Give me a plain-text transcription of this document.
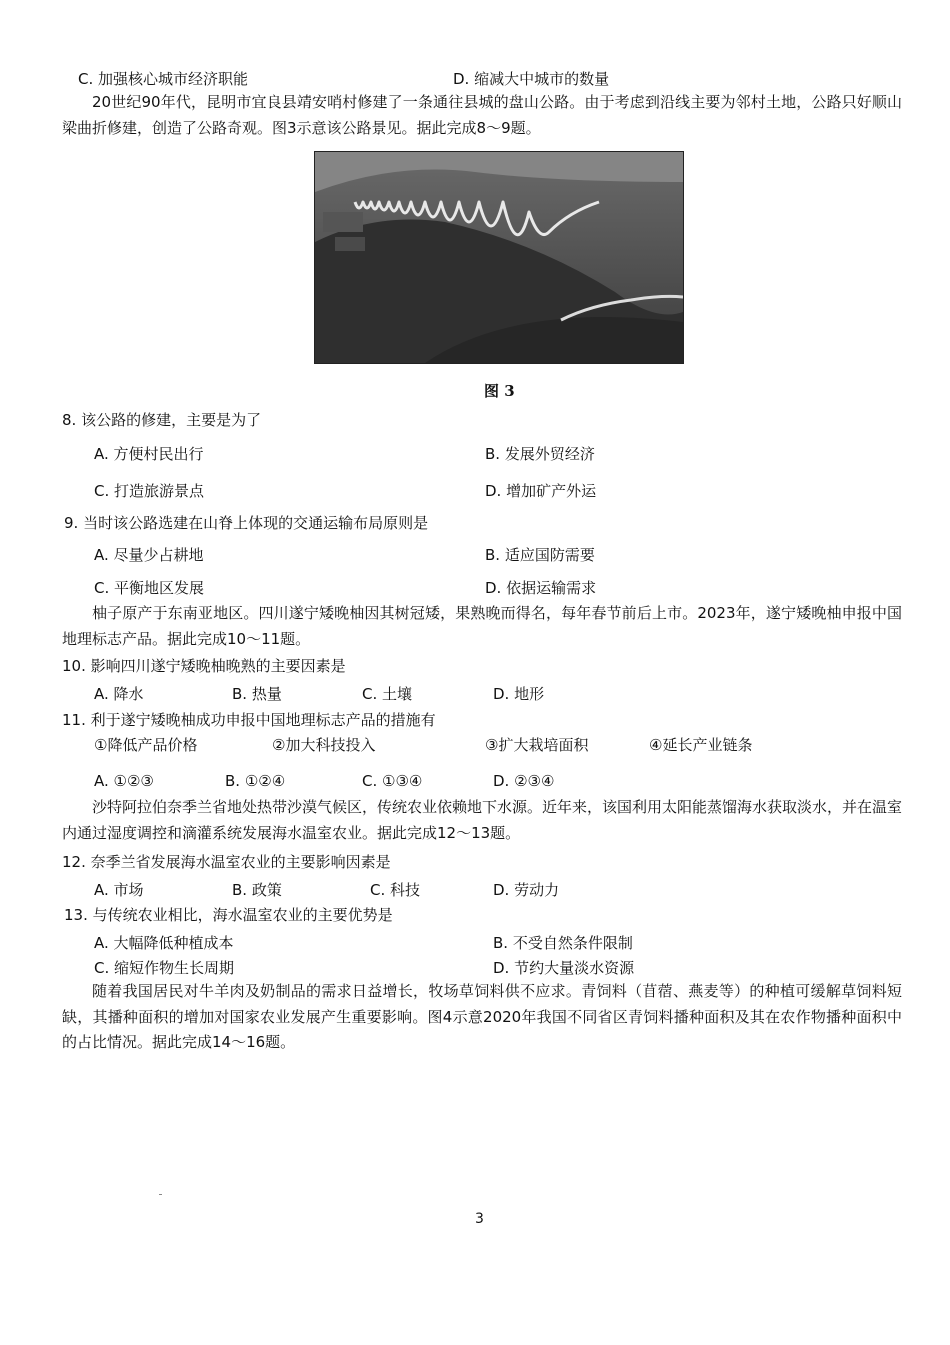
C. 加强核心城市经济职能	D. 缩减大中城市的数量
20世纪90年代，昆明市宜良县靖安哨村修建了一条通往县城的盘山公路。由于考虑到沿线主要为邻村土地，公路只好顺山梁曲折修建，创造了公路奇观。图3示意该公路景见。据此完成8～9题。
图 3
8. 该公路的修建，主要是为了
A. 方便村民出行	B. 发展外贸经济
C. 打造旅游景点	D. 增加矿产外运
9. 当时该公路选建在山脊上体现的交通运输布局原则是
A. 尽量少占耕地	B. 适应国防需要
C. 平衡地区发展	D. 依据运输需求
柚子原产于东南亚地区。四川遂宁矮晚柚因其树冠矮，果熟晚而得名，每年春节前后上市。2023年，遂宁矮晚柚申报中国地理标志产品。据此完成10～11题。
10. 影响四川遂宁矮晚柚晚熟的主要因素是
A. 降水	B. 热量	C. 土壤	D. 地形
11. 利于遂宁矮晚柚成功申报中国地理标志产品的措施有
①降低产品价格	②加大科技投入	③扩大栽培面积	④延长产业链条
A. ①②③	B. ①②④	C. ①③④	D. ②③④
沙特阿拉伯奈季兰省地处热带沙漠气候区，传统农业依赖地下水源。近年来，该国利用太阳能蒸馏海水获取淡水，并在温室内通过湿度调控和滴灌系统发展海水温室农业。据此完成12～13题。
12. 奈季兰省发展海水温室农业的主要影响因素是
A. 市场	B. 政策	C. 科技	D. 劳动力
13. 与传统农业相比，海水温室农业的主要优势是
A. 大幅降低种植成本	B. 不受自然条件限制
C. 缩短作物生长周期	D. 节约大量淡水资源
随着我国居民对牛羊肉及奶制品的需求日益增长，牧场草饲料供不应求。青饲料（苜蓿、燕麦等）的种植可缓解草饲料短缺，其播种面积的增加对国家农业发展产生重要影响。图4示意2020年我国不同省区青饲料播种面积及其在农作物播种面积中的占比情况。据此完成14～16题。
3
